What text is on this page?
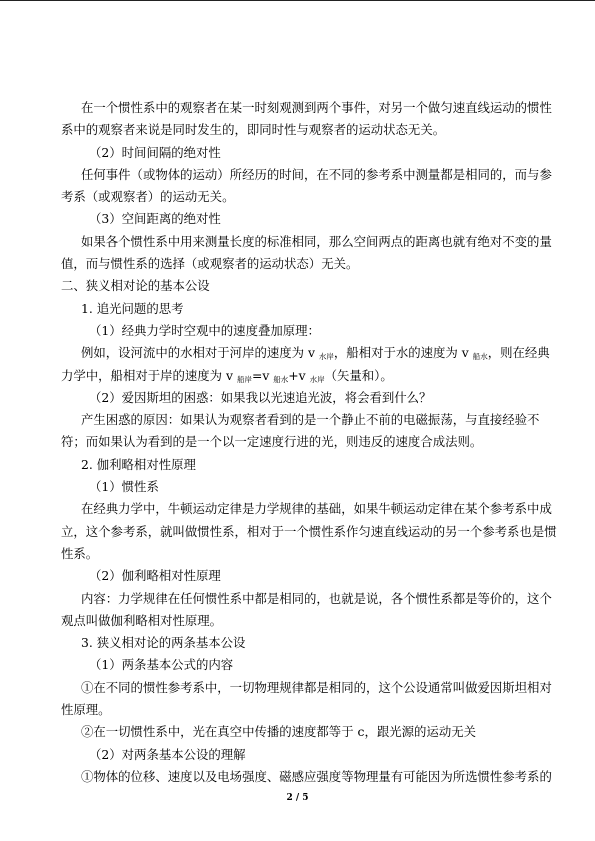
在一个惯性系中的观察者在某一时刻观测到两个事件，对另一个做匀速直线运动的惯性
系中的观察者来说是同时发生的，即同时性与观察者的运动状态无关。
（2）时间间隔的绝对性
任何事件（或物体的运动）所经历的时间，在不同的参考系中测量都是相同的，而与参
考系（或观察者）的运动无关。
（3）空间距离的绝对性
如果各个惯性系中用来测量长度的标准相同，那么空间两点的距离也就有绝对不变的量
值，而与惯性系的选择（或观察者的运动状态）无关。
二、狭义相对论的基本公设
1. 追光问题的思考
（1）经典力学时空观中的速度叠加原理：
例如，设河流中的水相对于河岸的速度为 v $_{水岸}$，船相对于水的速度为 v $_{船水}$，则在经典
力学中，船相对于岸的速度为 v $_{船岸}$=v $_{船水}$+v $_{水岸}$（矢量和）。
（2）爱因斯坦的困惑：如果我以光速追光波，将会看到什么？
产生困惑的原因：如果认为观察者看到的是一个静止不前的电磁振荡，与直接经验不
符；而如果认为看到的是一个以一定速度行进的光，则违反的速度合成法则。
2. 伽利略相对性原理
（1）惯性系
在经典力学中，牛顿运动定律是力学规律的基础，如果牛顿运动定律在某个参考系中成
立，这个参考系，就叫做惯性系，相对于一个惯性系作匀速直线运动的另一个参考系也是惯
性系。
（2）伽利略相对性原理
内容：力学规律在任何惯性系中都是相同的，也就是说，各个惯性系都是等价的，这个
观点叫做伽利略相对性原理。
3. 狭义相对论的两条基本公设
（1）两条基本公式的内容
①在不同的惯性参考系中，一切物理规律都是相同的，这个公设通常叫做爱因斯坦相对
性原理。
②在一切惯性系中，光在真空中传播的速度都等于 c，跟光源的运动无关
（2）对两条基本公设的理解
①物体的位移、速度以及电场强度、磁感应强度等物理量有可能因为所选惯性参考系的
2 / 5
